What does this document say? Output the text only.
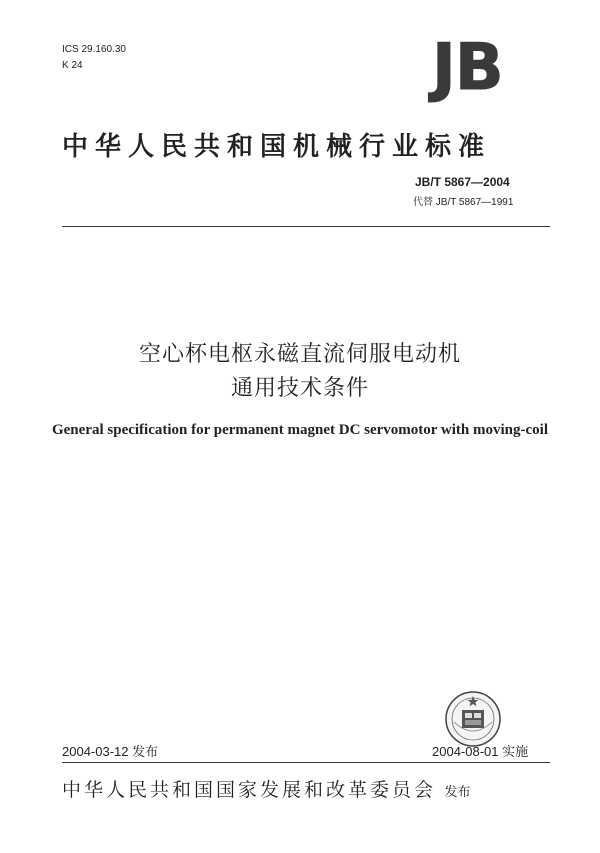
ICS 29.160.30
K 24	JB
中华人民共和国机械行业标准
JB/T 5867—2004
代替 JB/T 5867—1991
空心杯电枢永磁直流伺服电动机
通用技术条件
General specification for permanent magnet DC servomotor with moving-coil
2004-03-12 发布	2004-08-01 实施
中华人民共和国国家发展和改革委员会 发布
